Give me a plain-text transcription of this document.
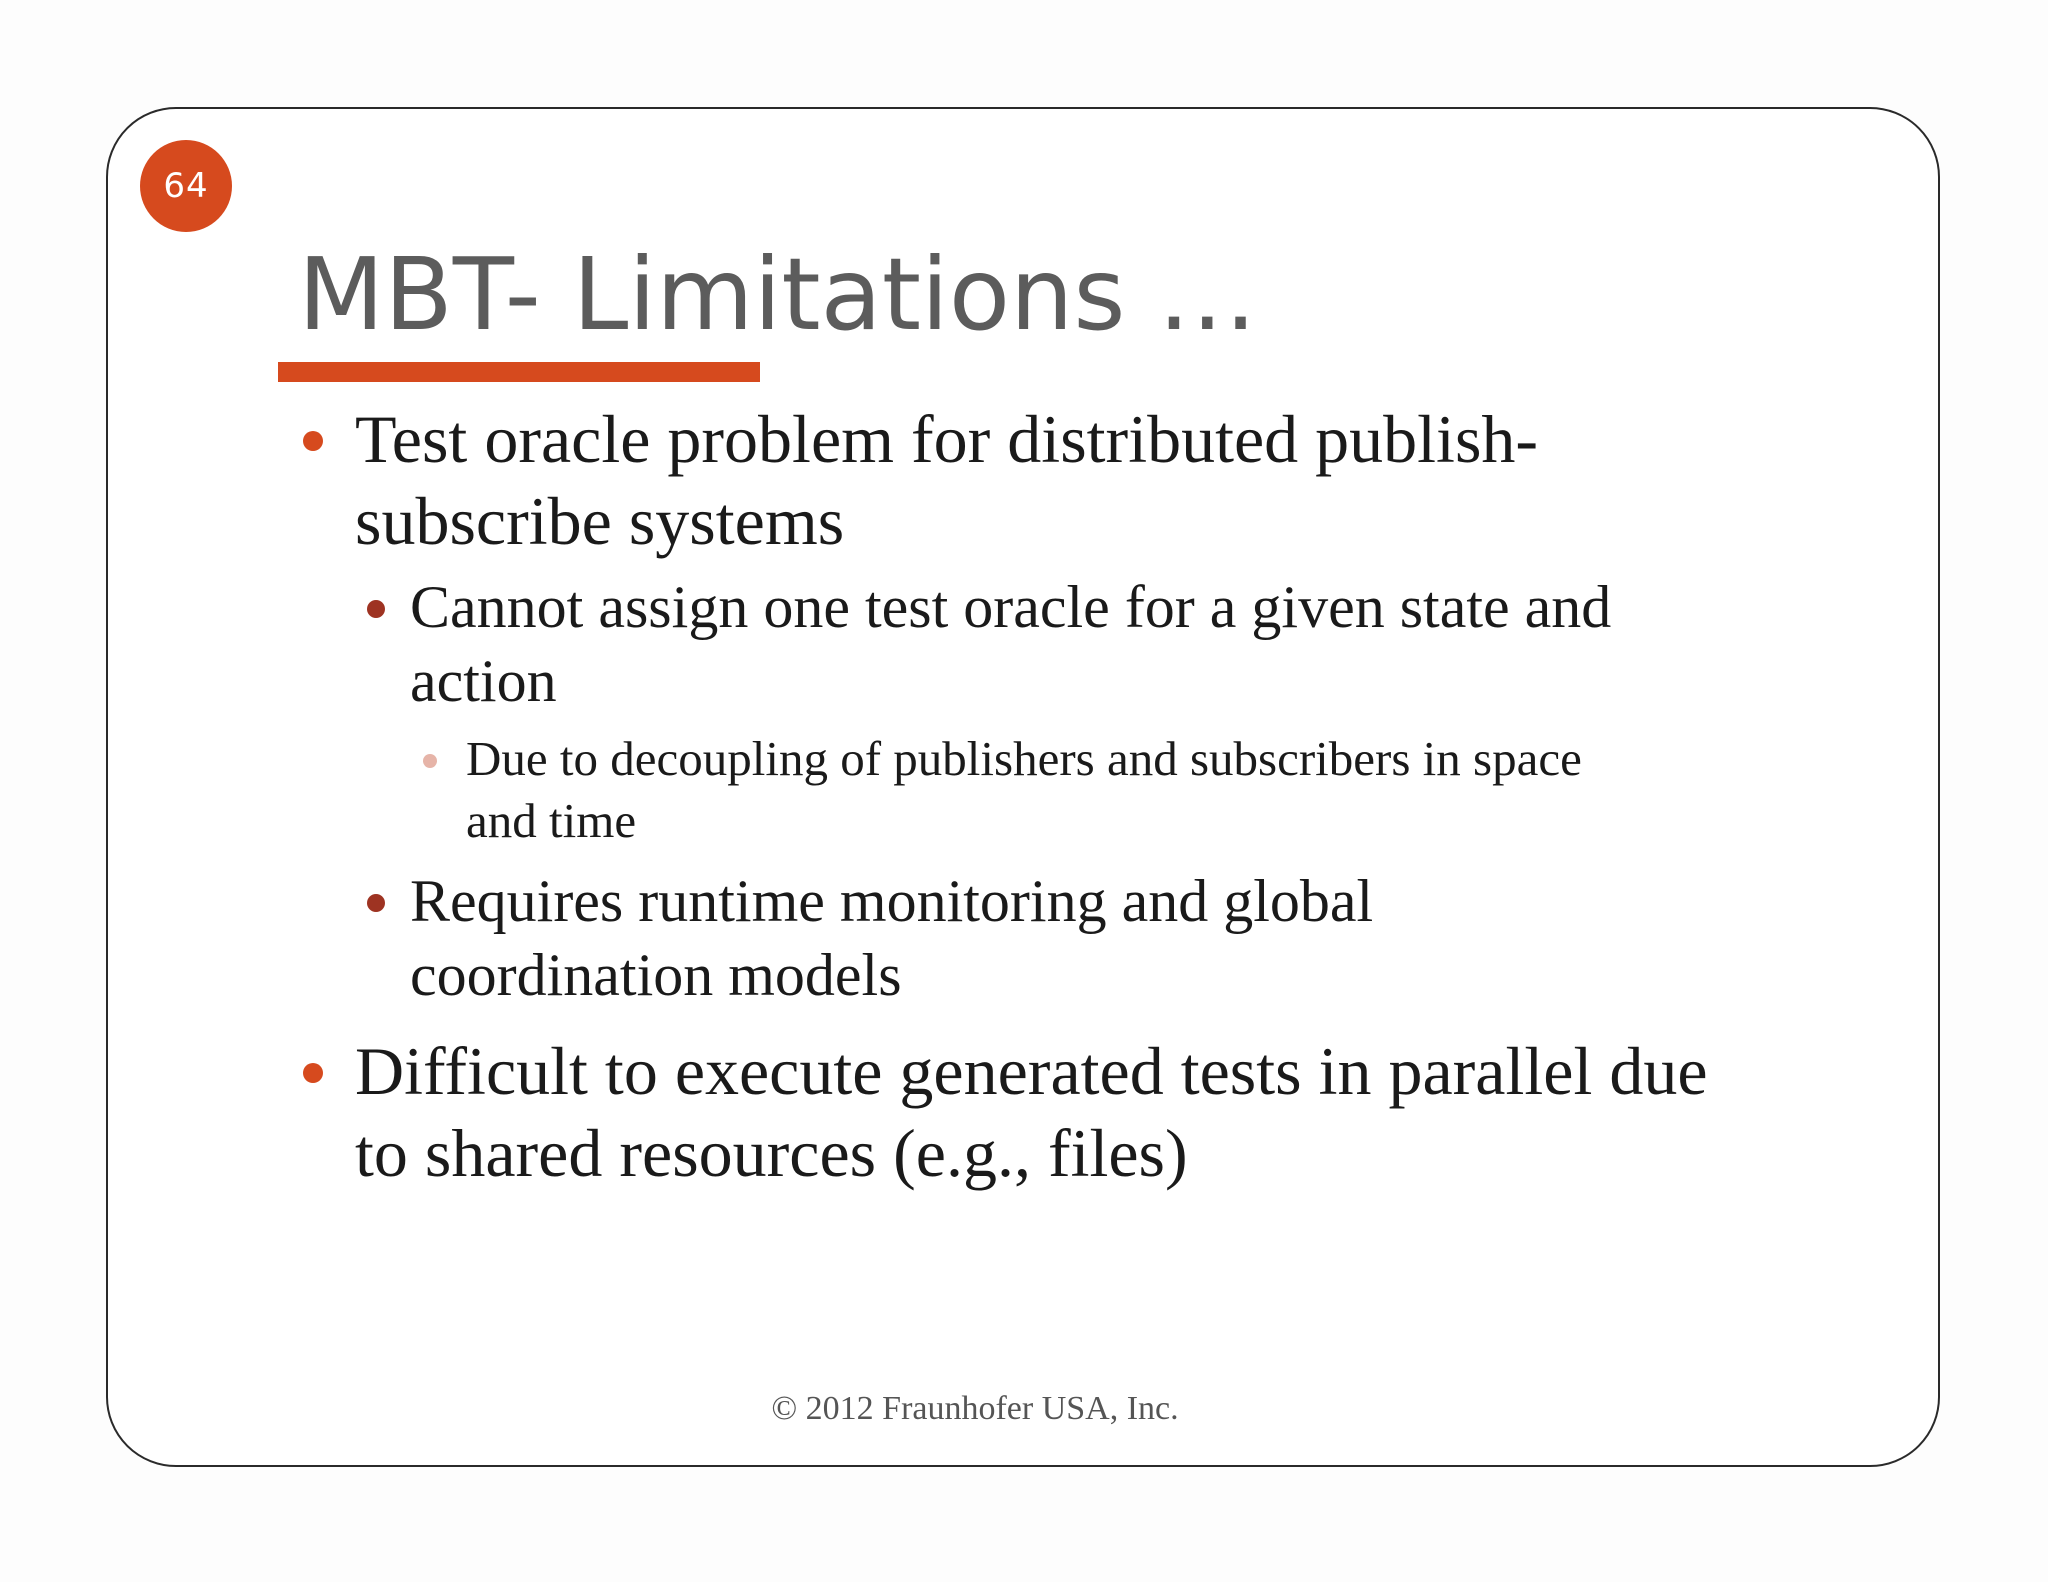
64
MBT- Limitations …
Test oracle problem for distributed publish-
subscribe systems
Cannot assign one test oracle for a given state and
action
Due to decoupling of publishers and subscribers in space
and time
Requires runtime monitoring and global
coordination models
Difficult to execute generated tests in parallel due
to shared resources (e.g., files)
© 2012 Fraunhofer USA, Inc.
